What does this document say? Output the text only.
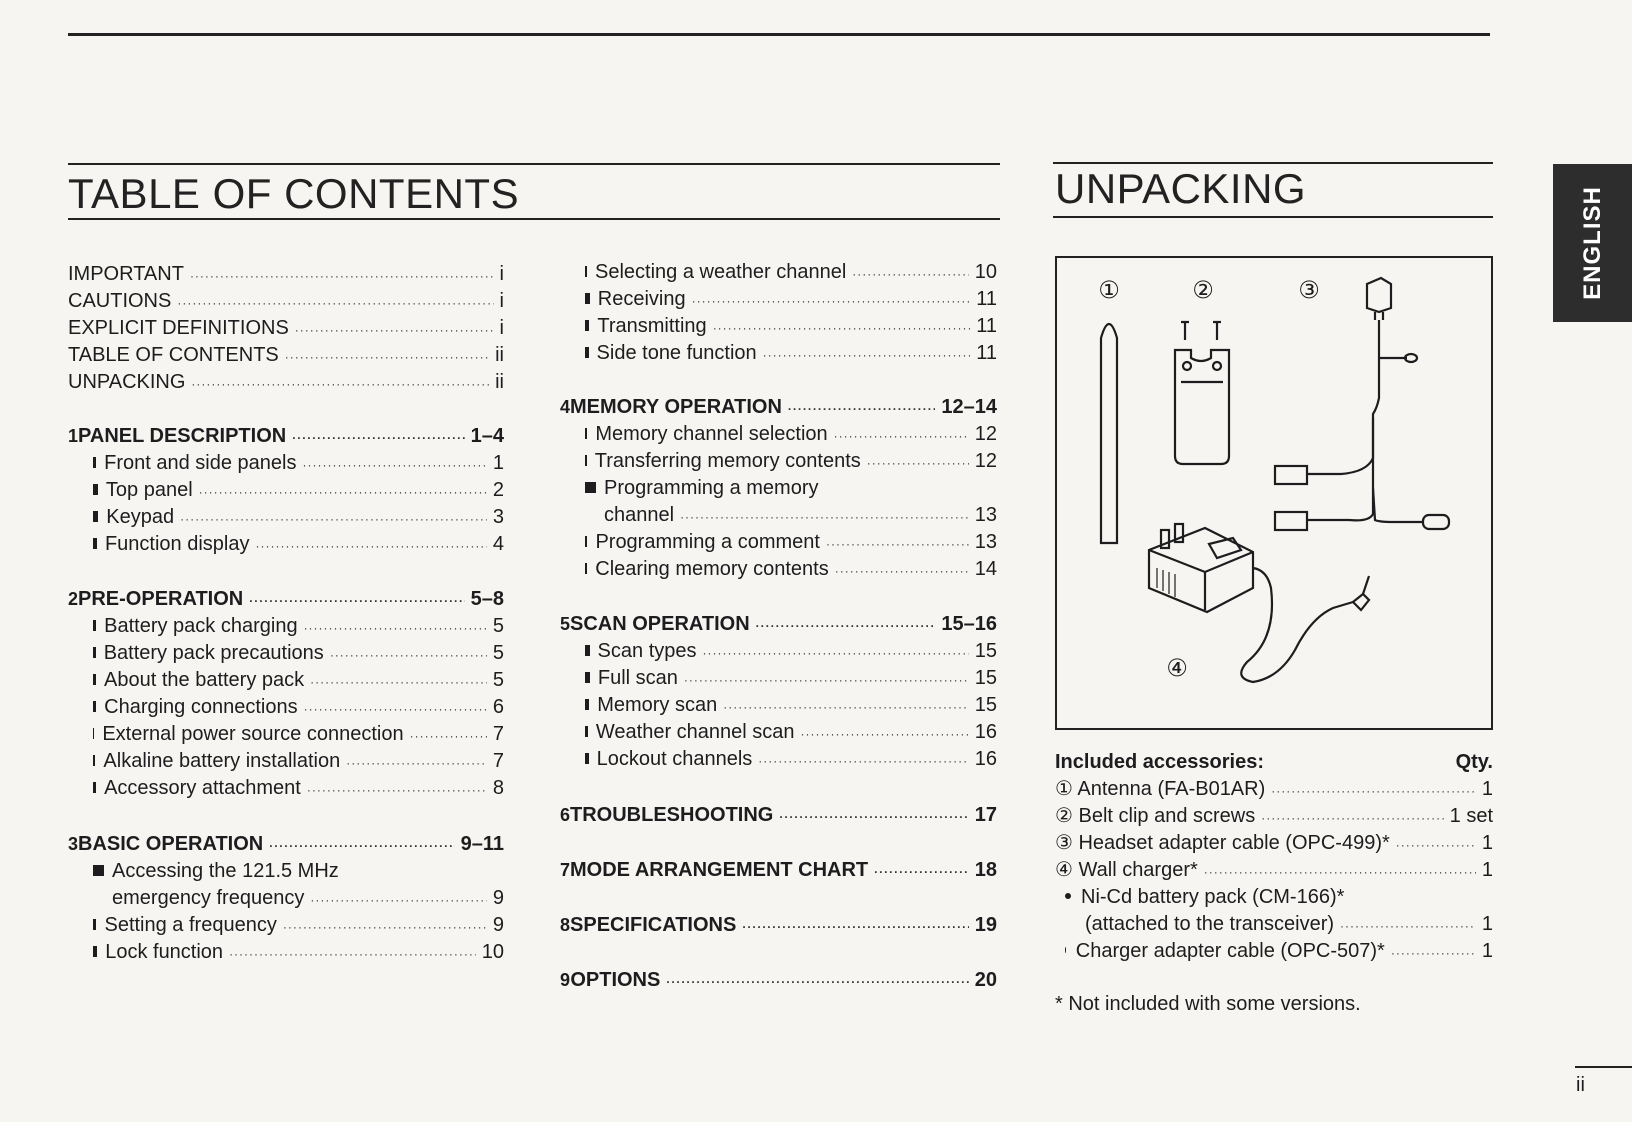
TABLE OF CONTENTS	UNPACKING
IMPORTANT ·····	i
CAUTIONS ·····	i
EXPLICIT DEFINITIONS ·····	i
TABLE OF CONTENTS ·····	ii
UNPACKING ·····	ii
1 PANEL DESCRIPTION ·····	1–4
Front and side panels ·····	1
Top panel ·····	2
Keypad ·····	3
Function display ·····	4
2 PRE-OPERATION ·····	5–8
Battery pack charging ·····	5
Battery pack precautions ·····	5
About the battery pack ·····	5
Charging connections ·····	6
External power source connection ·····	7
Alkaline battery installation ·····	7
Accessory attachment ·····	8
3 BASIC OPERATION ·····	9–11
Accessing the 121.5 MHz
emergency frequency ·····	9
Setting a frequency ·····	9
Lock function ·····	10
Selecting a weather channel ·····	10
Receiving ·····	11
Transmitting ·····	11
Side tone function ·····	11
4 MEMORY OPERATION ·····	12–14
Memory channel selection ·····	12
Transferring memory contents ·····	12
Programming a memory
channel ·····	13
Programming a comment ·····	13
Clearing memory contents ·····	14
5 SCAN OPERATION ·····	15–16
Scan types ·····	15
Full scan ·····	15
Memory scan ·····	15
Weather channel scan ·····	16
Lockout channels ·····	16
6 TROUBLESHOOTING ·····	17
7 MODE ARRANGEMENT CHART ·····	18
8 SPECIFICATIONS ·····	19
9 OPTIONS ·····	20
①	②	③
④
Included accessories:	Qty.
① Antenna (FA-B01AR) ·····	1
② Belt clip and screws ·····	1 set
③ Headset adapter cable (OPC-499)* ·····	1
④ Wall charger* ·····	1
Ni-Cd battery pack (CM-166)*
(attached to the transceiver) ·····	1
Charger adapter cable (OPC-507)* ·····	1
* Not included with some versions.
ENGLISH
ii
